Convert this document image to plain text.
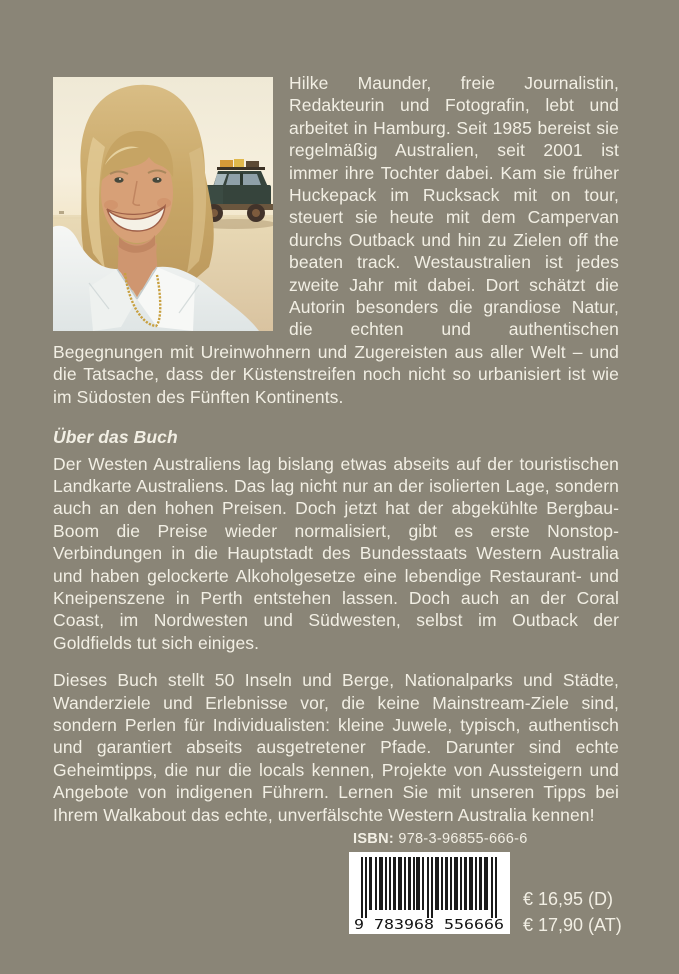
Hilke Maunder, freie Journalistin, Redakteurin und Fotografin, lebt und arbeitet in Hamburg. Seit 1985 bereist sie regelmäßig Australien, seit 2001 ist immer ihre Tochter dabei. Kam sie früher Huckepack im Rucksack mit on tour, steuert sie heute mit dem Campervan durchs Outback und hin zu Zielen off the beaten track. Westaustralien ist jedes zweite Jahr mit dabei. Dort schätzt die Autorin besonders die grandiose Natur, die echten und authentischen Begegnungen mit Ureinwohnern und Zugereisten aus aller Welt – und die Tatsache, dass der Küstenstreifen noch nicht so urbanisiert ist wie im Südosten des Fünften Kontinents.

Über das Buch

Der Westen Australiens lag bislang etwas abseits auf der touristischen Landkarte Australiens. Das lag nicht nur an der isolierten Lage, sondern auch an den hohen Preisen. Doch jetzt hat der abgekühlte Bergbau-Boom die Preise wieder normalisiert, gibt es erste Nonstop-Verbindungen in die Hauptstadt des Bundesstaats Western Australia und haben gelockerte Alkoholgesetze eine lebendige Restaurant- und Kneipenszene in Perth entstehen lassen. Doch auch an der Coral Coast, im Nordwesten und Südwesten, selbst im Outback der Goldfields tut sich einiges.

Dieses Buch stellt 50 Inseln und Berge, Nationalparks und Städte, Wanderziele und Erlebnisse vor, die keine Mainstream-Ziele sind, sondern Perlen für Individualisten: kleine Juwele, typisch, authentisch und garantiert abseits ausgetretener Pfade. Darunter sind echte Geheimtipps, die nur die locals kennen, Projekte von Aussteigern und Angebote von indigenen Führern. Lernen Sie mit unseren Tipps bei Ihrem Walkabout das echte, unverfälschte Western Australia kennen!

ISBN: 978-3-96855-666-6
9 783968 556666
€ 16,95 (D)
€ 17,90 (AT)
